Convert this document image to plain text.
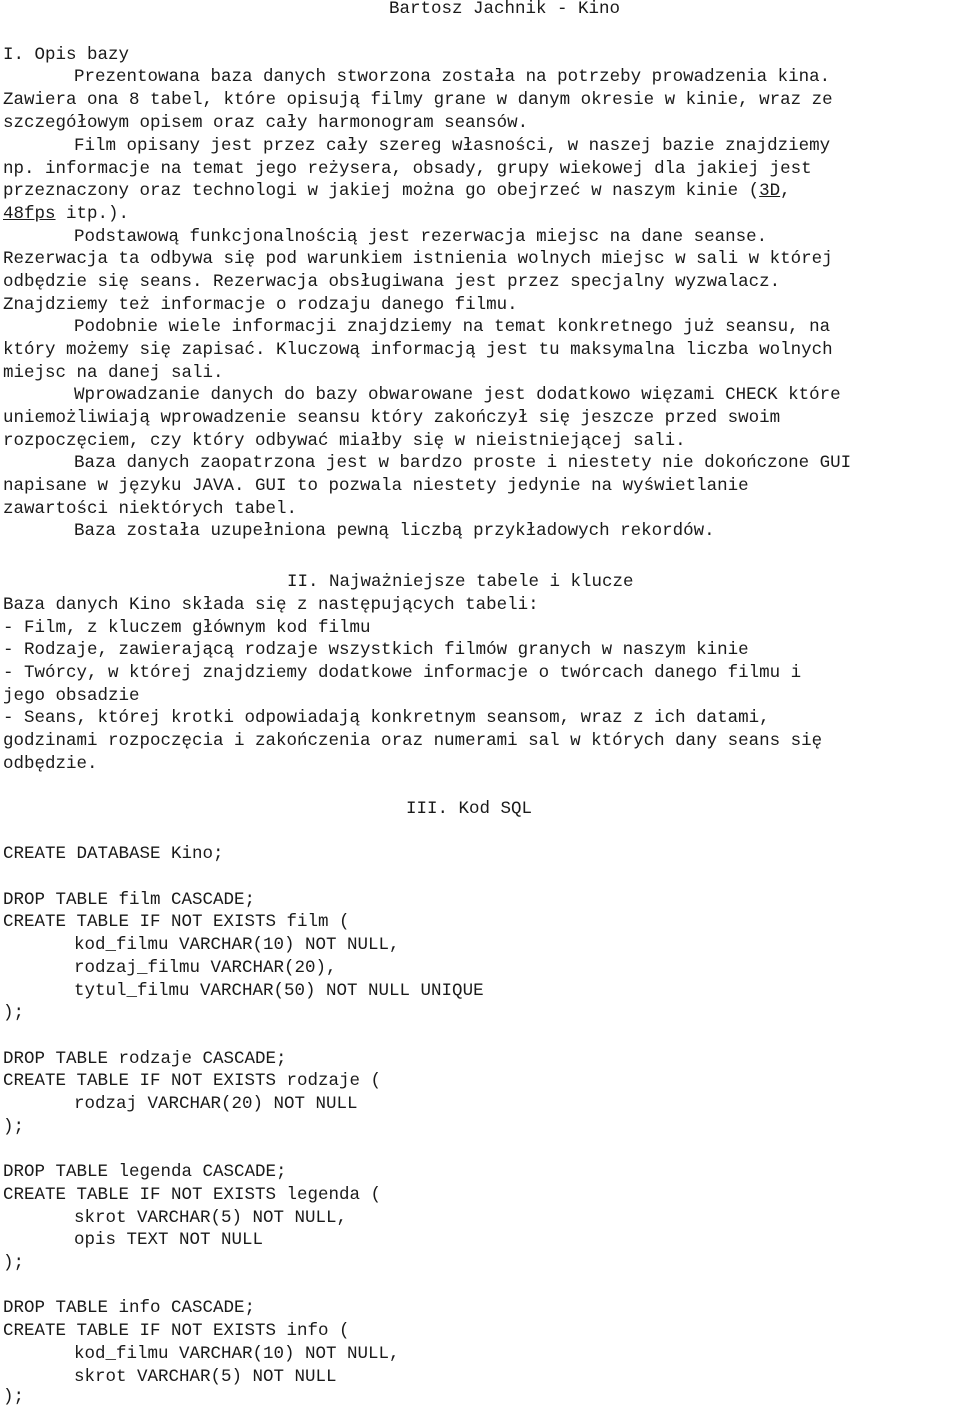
Bartosz Jachnik - Kino
I. Opis bazy
Prezentowana baza danych stworzona została na potrzeby prowadzenia kina.
Zawiera ona 8 tabel, które opisują filmy grane w danym okresie w kinie, wraz ze
szczegółowym opisem oraz cały harmonogram seansów.
Film opisany jest przez cały szereg własności, w naszej bazie znajdziemy
np. informacje na temat jego reżysera, obsady, grupy wiekowej dla jakiej jest
przeznaczony oraz technologi w jakiej można go obejrzeć w naszym kinie (3D,
48fps itp.).
Podstawową funkcjonalnością jest rezerwacja miejsc na dane seanse.
Rezerwacja ta odbywa się pod warunkiem istnienia wolnych miejsc w sali w której
odbędzie się seans. Rezerwacja obsługiwana jest przez specjalny wyzwalacz.
Znajdziemy też informacje o rodzaju danego filmu.
Podobnie wiele informacji znajdziemy na temat konkretnego już seansu, na
który możemy się zapisać. Kluczową informacją jest tu maksymalna liczba wolnych
miejsc na danej sali.
Wprowadzanie danych do bazy obwarowane jest dodatkowo więzami CHECK które
uniemożliwiają wprowadzenie seansu który zakończył się jeszcze przed swoim
rozpoczęciem, czy który odbywać miałby się w nieistniejącej sali.
Baza danych zaopatrzona jest w bardzo proste i niestety nie dokończone GUI
napisane w języku JAVA. GUI to pozwala niestety jedynie na wyświetlanie
zawartości niektórych tabel.
Baza została uzupełniona pewną liczbą przykładowych rekordów.
II. Najważniejsze tabele i klucze
Baza danych Kino składa się z następujących tabeli:
- Film, z kluczem głównym kod filmu
- Rodzaje, zawierającą rodzaje wszystkich filmów granych w naszym kinie
- Twórcy, w której znajdziemy dodatkowe informacje o twórcach danego filmu i
jego obsadzie
- Seans, której krotki odpowiadają konkretnym seansom, wraz z ich datami,
godzinami rozpoczęcia i zakończenia oraz numerami sal w których dany seans się
odbędzie.
III. Kod SQL
CREATE DATABASE Kino;
DROP TABLE film CASCADE;
CREATE TABLE IF NOT EXISTS film (
kod_filmu VARCHAR(10) NOT NULL,
rodzaj_filmu VARCHAR(20),
tytul_filmu VARCHAR(50) NOT NULL UNIQUE
);
DROP TABLE rodzaje CASCADE;
CREATE TABLE IF NOT EXISTS rodzaje (
rodzaj VARCHAR(20) NOT NULL
);
DROP TABLE legenda CASCADE;
CREATE TABLE IF NOT EXISTS legenda (
skrot VARCHAR(5) NOT NULL,
opis TEXT NOT NULL
);
DROP TABLE info CASCADE;
CREATE TABLE IF NOT EXISTS info (
kod_filmu VARCHAR(10) NOT NULL,
skrot VARCHAR(5) NOT NULL
);
